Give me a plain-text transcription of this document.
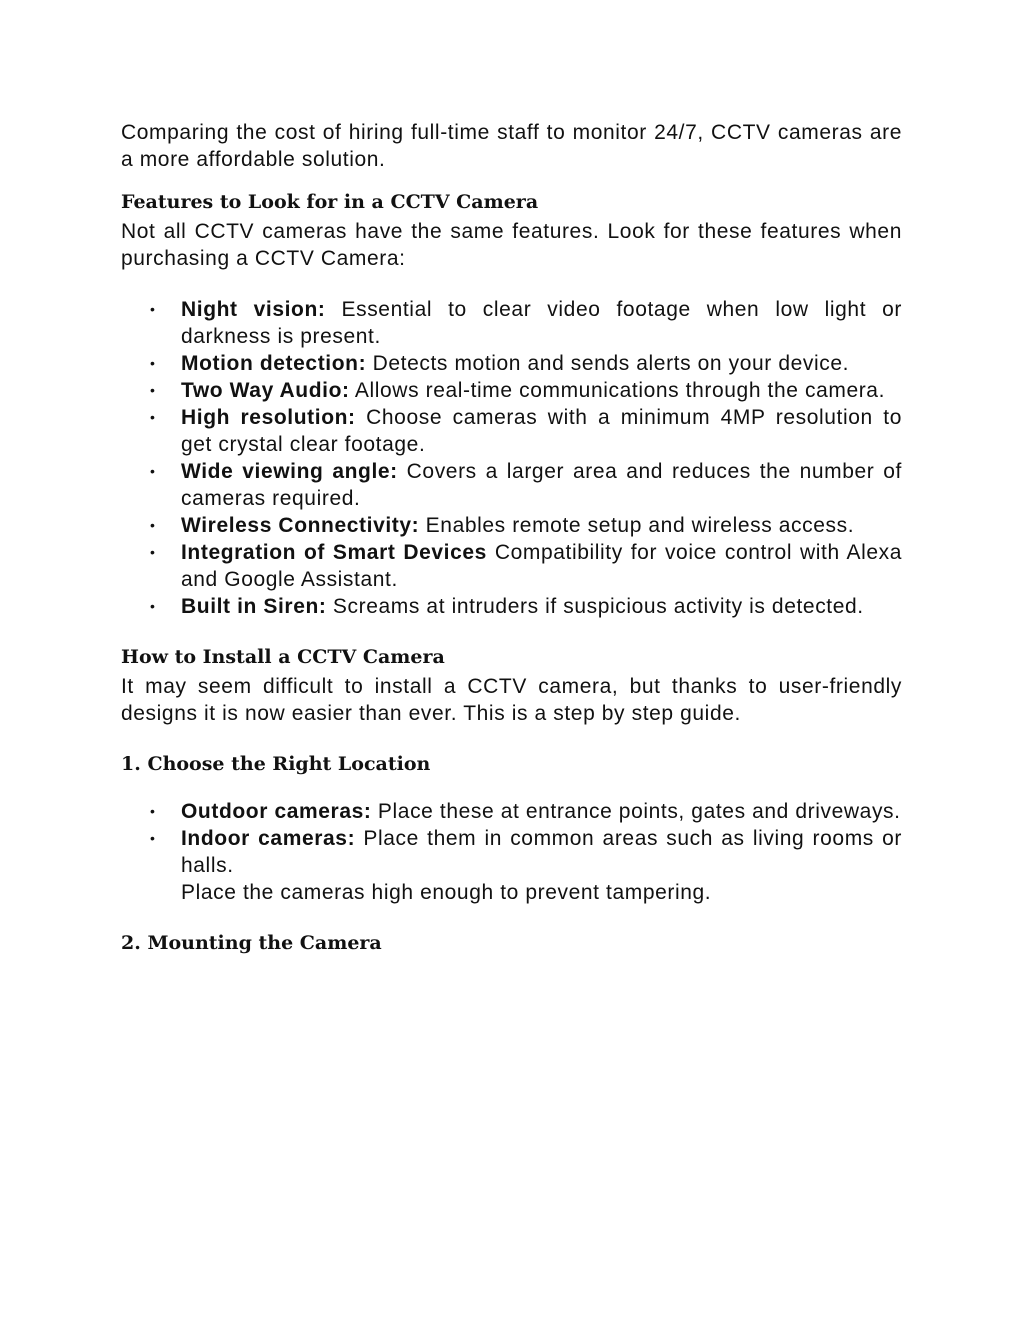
Comparing the cost of hiring full-time staff to monitor 24/7, CCTV cameras are a more affordable solution.

Features to Look for in a CCTV Camera

Not all CCTV cameras have the same features. Look for these features when purchasing a CCTV Camera:

• Night vision: Essential to clear video footage when low light or darkness is present.
• Motion detection: Detects motion and sends alerts on your device.
• Two Way Audio: Allows real-time communications through the camera.
• High resolution: Choose cameras with a minimum 4MP resolution to get crystal clear footage.
• Wide viewing angle: Covers a larger area and reduces the number of cameras required.
• Wireless Connectivity: Enables remote setup and wireless access.
• Integration of Smart Devices Compatibility for voice control with Alexa and Google Assistant.
• Built in Siren: Screams at intruders if suspicious activity is detected.
How to Install a CCTV Camera

It may seem difficult to install a CCTV camera, but thanks to user-friendly designs it is now easier than ever. This is a step by step guide.

1. Choose the Right Location
• Outdoor cameras: Place these at entrance points, gates and driveways.
• Indoor cameras: Place them in common areas such as living rooms or halls.
Place the cameras high enough to prevent tampering.
2. Mounting the Camera
